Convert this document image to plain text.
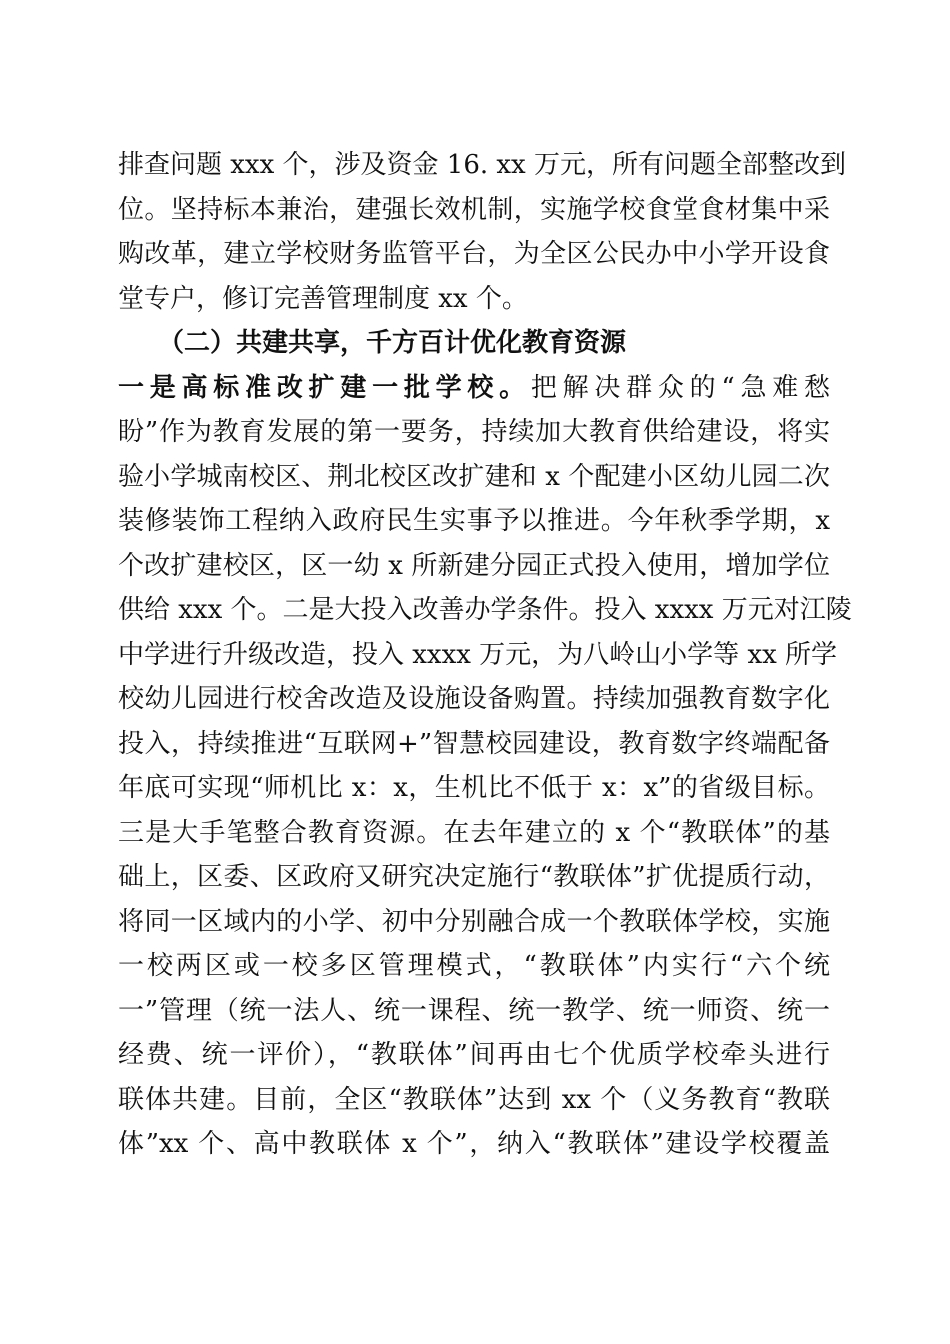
排查问题 xxx 个，涉及资金 16. xx 万元，所有问题全部整改到
位。坚持标本兼治，建强长效机制，实施学校食堂食材集中采
购改革，建立学校财务监管平台，为全区公民办中小学开设食
堂专户，修订完善管理制度 xx 个。
（二）共建共享，千方百计优化教育资源
一是高标准改扩建一批学校。把解决群众的“急难愁
盼”作为教育发展的第一要务，持续加大教育供给建设，将实
验小学城南校区、荆北校区改扩建和 x 个配建小区幼儿园二次
装修装饰工程纳入政府民生实事予以推进。今年秋季学期，x
个改扩建校区，区一幼 x 所新建分园正式投入使用，增加学位
供给 xxx 个。二是大投入改善办学条件。投入 xxxx 万元对江陵
中学进行升级改造，投入 xxxx 万元，为八岭山小学等 xx 所学
校幼儿园进行校舍改造及设施设备购置。持续加强教育数字化
投入，持续推进“互联网+”智慧校园建设，教育数字终端配备
年底可实现“师机比 x：x，生机比不低于 x：x”的省级目标。
三是大手笔整合教育资源。在去年建立的 x 个“教联体”的基
础上，区委、区政府又研究决定施行“教联体”扩优提质行动，
将同一区域内的小学、初中分别融合成一个教联体学校，实施
一校两区或一校多区管理模式，“教联体”内实行“六个统
一”管理（统一法人、统一课程、统一教学、统一师资、统一
经费、统一评价），“教联体”间再由七个优质学校牵头进行
联体共建。目前，全区“教联体”达到 xx 个（义务教育“教联
体”xx 个、高中教联体 x 个”，纳入“教联体”建设学校覆盖
